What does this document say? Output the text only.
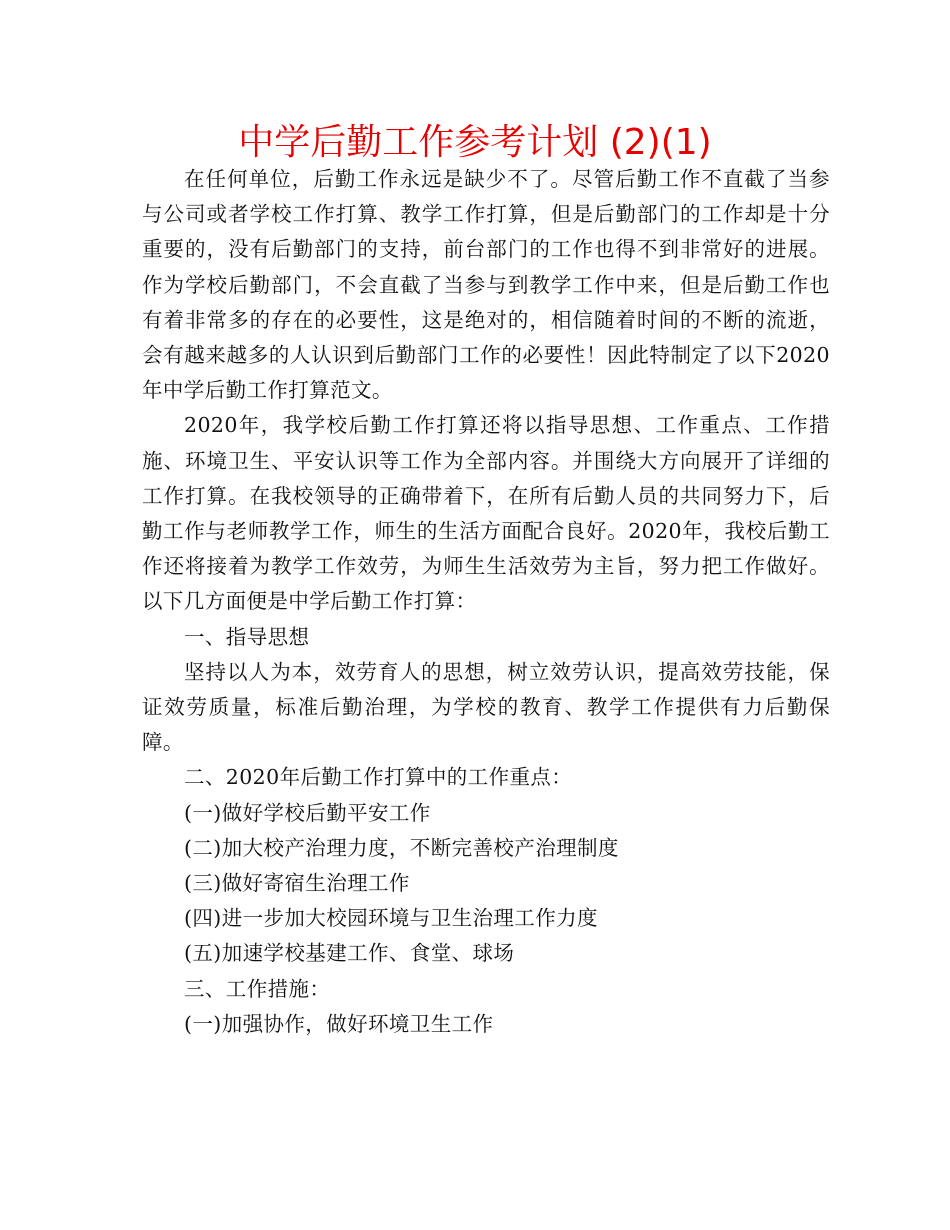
中学后勤工作参考计划 (2)(1)

在任何单位，后勤工作永远是缺少不了。尽管后勤工作不直截了当参与公司或者学校工作打算、教学工作打算，但是后勤部门的工作却是十分重要的，没有后勤部门的支持，前台部门的工作也得不到非常好的进展。作为学校后勤部门，不会直截了当参与到教学工作中来，但是后勤工作也有着非常多的存在的必要性，这是绝对的，相信随着时间的不断的流逝，会有越来越多的人认识到后勤部门工作的必要性！因此特制定了以下2020年中学后勤工作打算范文。

2020年，我学校后勤工作打算还将以指导思想、工作重点、工作措施、环境卫生、平安认识等工作为全部内容。并围绕大方向展开了详细的工作打算。在我校领导的正确带着下，在所有后勤人员的共同努力下，后勤工作与老师教学工作，师生的生活方面配合良好。2020年，我校后勤工作还将接着为教学工作效劳，为师生生活效劳为主旨，努力把工作做好。以下几方面便是中学后勤工作打算：

一、指导思想

坚持以人为本，效劳育人的思想，树立效劳认识，提高效劳技能，保证效劳质量，标准后勤治理，为学校的教育、教学工作提供有力后勤保障。

二、2020年后勤工作打算中的工作重点：

(一)做好学校后勤平安工作

(二)加大校产治理力度，不断完善校产治理制度

(三)做好寄宿生治理工作

(四)进一步加大校园环境与卫生治理工作力度

(五)加速学校基建工作、食堂、球场

三、工作措施：

(一)加强协作，做好环境卫生工作
